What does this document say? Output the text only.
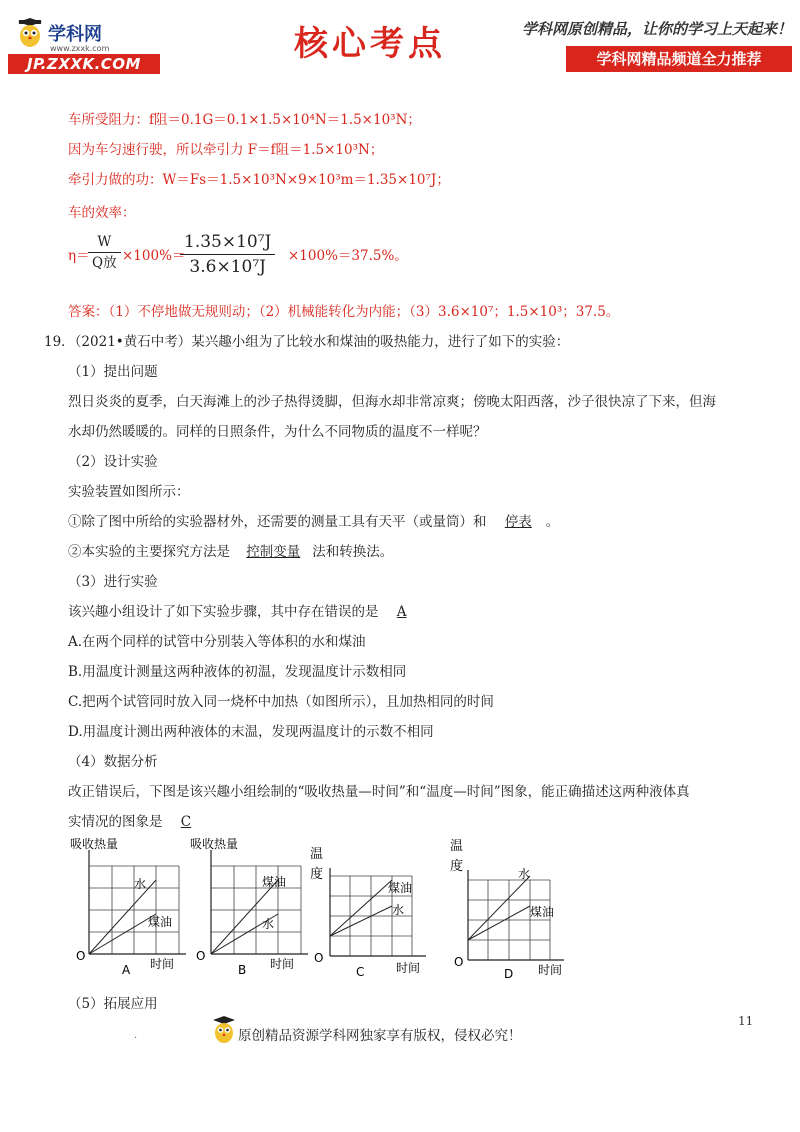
学科网
www.zxxk.com
JP.ZXXK.COM	核心考点	学科网原创精品，让你的学习上天起来！
学科网精品频道全力推荐
车所受阻力：f阻＝0.1G＝0.1×1.5×10⁴N＝1.5×10³N；
因为车匀速行驶，所以牵引力 F＝f阻＝1.5×10³N；
牵引力做的功：W＝Fs＝1.5×10³N×9×10³m＝1.35×10⁷J；
车的效率：
η＝
W
Q放 ×100%＝
$\frac{\text{1.35×10⁷J}}{\text{3.6×10⁷J}} \times 100\%=37.5\%$。
答案：（1）不停地做无规则动；（2）机械能转化为内能；（3）3.6×10⁷；1.5×10³；37.5。
19．（2021•黄石中考）某兴趣小组为了比较水和煤油的吸热能力，进行了如下的实验：
（1）提出问题
烈日炎炎的夏季，白天海滩上的沙子热得烫脚，但海水却非常凉爽；傍晚太阳西落，沙子很快凉了下来，但海
水却仍然暖暖的。同样的日照条件，为什么不同物质的温度不一样呢？
（2）设计实验
实验装置如图所示：
①除了图中所给的实验器材外，还需要的测量工具有天平（或量筒）和 停表 。
②本实验的主要探究方法是 控制变量 法和转换法。
（3）进行实验
该兴趣小组设计了如下实验步骤，其中存在错误的是 A
A.在两个同样的试管中分别装入等体积的水和煤油
B.用温度计测量这两种液体的初温，发现温度计示数相同
C.把两个试管同时放入同一烧杯中加热（如图所示），且加热相同的时间
D.用温度计测出两种液体的末温，发现两温度计的示数不相同
（4）数据分析
改正错误后，下图是该兴趣小组绘制的“吸收热量—时间”和“温度—时间”图象，能正确描述这两种液体真
实情况的图象是 C
吸收热量
水
煤油
O
时间
A
吸收热量
煤油
水
O
时间
B
温
度
煤油
水
O
时间
C
温
度	水
煤油
O
时间
D
（5）拓展应用
.	原创精品资源学科网独家享有版权，侵权必究！
11
